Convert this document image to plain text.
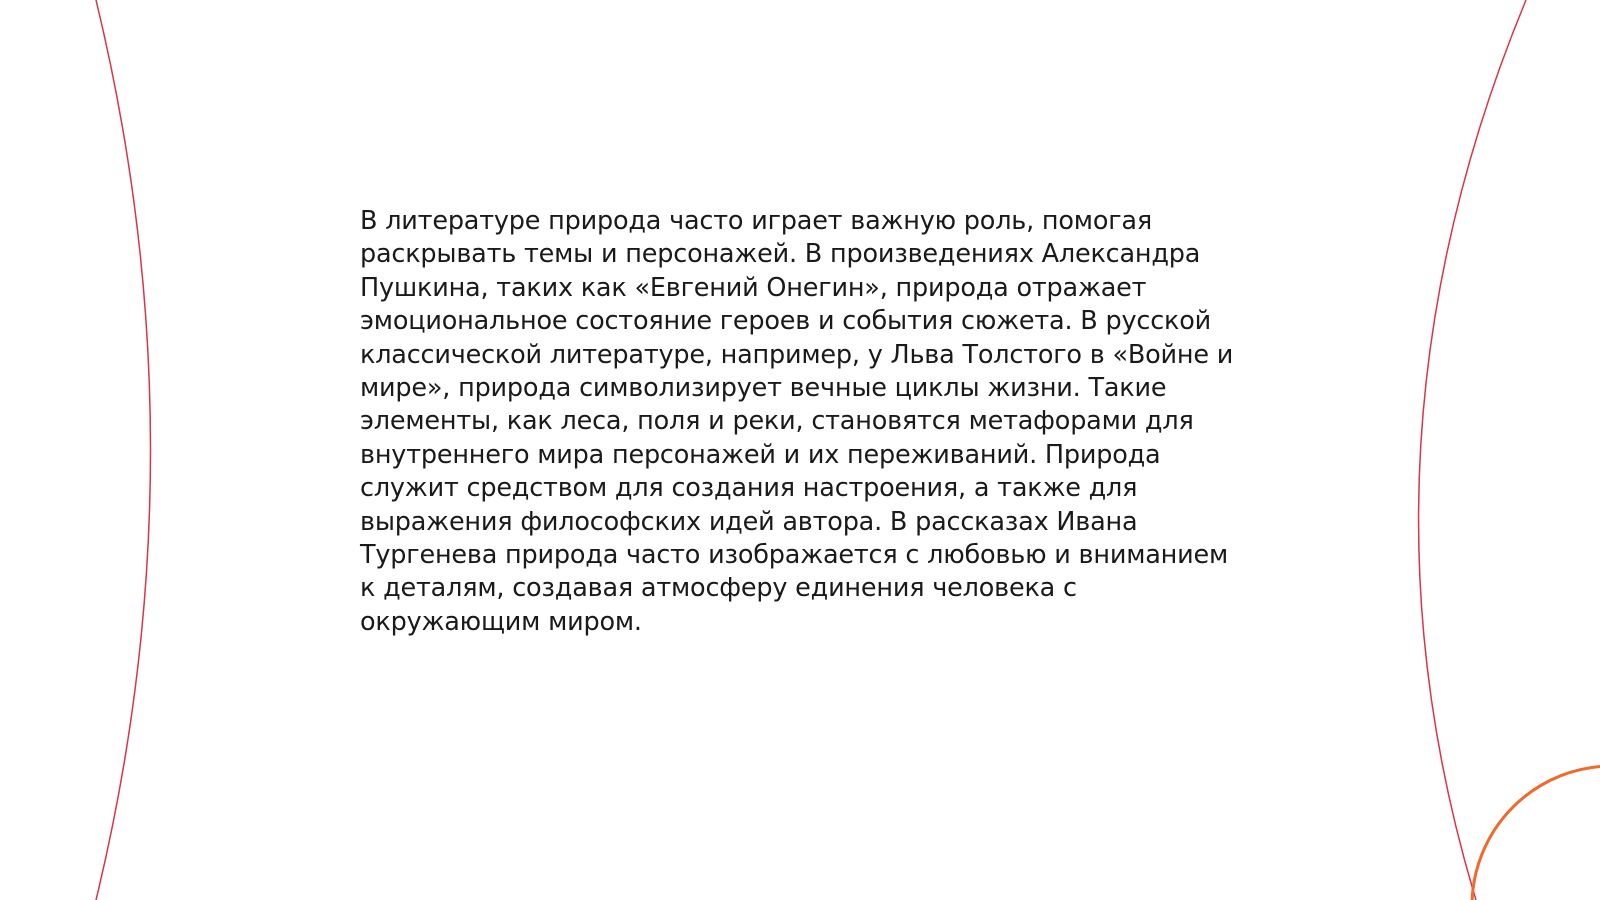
В литературе природа часто играет важную роль, помогая раскрывать темы и персонажей. В произведениях Александра Пушкина, таких как «Евгений Онегин», природа отражает эмоциональное состояние героев и события сюжета. В русской классической литературе, например, у Льва Толстого в «Войне и мире», природа символизирует вечные циклы жизни. Такие элементы, как леса, поля и реки, становятся метафорами для внутреннего мира персонажей и их переживаний. Природа служит средством для создания настроения, а также для выражения философских идей автора. В рассказах Ивана Тургенева природа часто изображается с любовью и вниманием к деталям, создавая атмосферу единения человека с окружающим миром.
